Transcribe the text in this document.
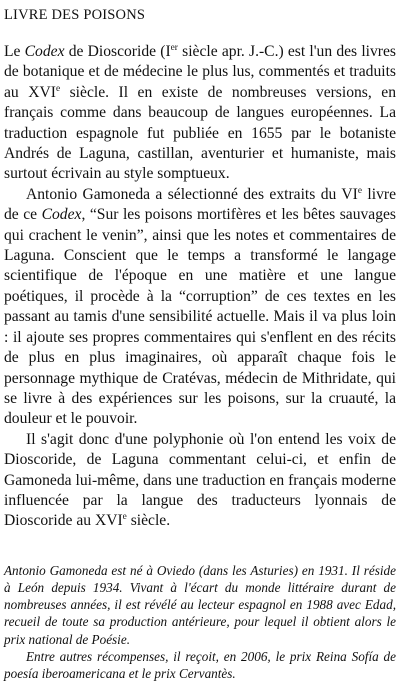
LIVRE DES POISONS

Le Codex de Dioscoride (Ier siècle apr. J.-C.) est l'un des livres de botanique et de médecine le plus lus, commentés et traduits au XVIe siècle. Il en existe de nombreuses versions, en français comme dans beaucoup de langues européennes. La traduction espagnole fut publiée en 1655 par le botaniste Andrés de Laguna, castillan, aventurier et humaniste, mais surtout écrivain au style somptueux.

Antonio Gamoneda a sélectionné des extraits du VIe livre de ce Codex, “Sur les poisons mortifères et les bêtes sauvages qui crachent le venin”, ainsi que les notes et commentaires de Laguna. Conscient que le temps a transformé le langage scientifique de l'époque en une matière et une langue poétiques, il procède à la “corruption” de ces textes en les passant au tamis d'une sensibilité actuelle. Mais il va plus loin : il ajoute ses propres commentaires qui s'enflent en des récits de plus en plus imaginaires, où apparaît chaque fois le personnage mythique de Cratévas, médecin de Mithridate, qui se livre à des expériences sur les poisons, sur la cruauté, la douleur et le pouvoir.

Il s'agit donc d'une polyphonie où l'on entend les voix de Dioscoride, de Laguna commentant celui-ci, et enfin de Gamoneda lui-même, dans une traduction en français moderne influencée par la langue des traducteurs lyonnais de Dioscoride au XVIe siècle.

Antonio Gamoneda est né à Oviedo (dans les Asturies) en 1931. Il réside à León depuis 1934. Vivant à l'écart du monde littéraire durant de nombreuses années, il est révélé au lecteur espagnol en 1988 avec Edad, recueil de toute sa production antérieure, pour lequel il obtient alors le prix national de Poésie.

Entre autres récompenses, il reçoit, en 2006, le prix Reina Sofía de poesía iberoamericana et le prix Cervantès.
